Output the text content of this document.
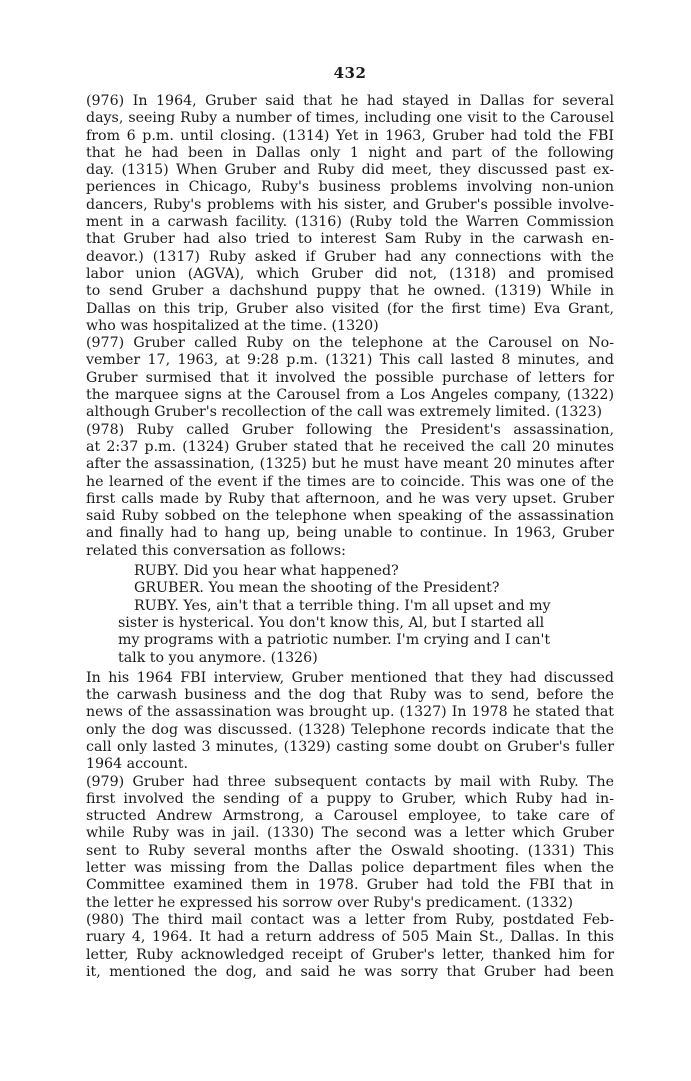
432
(976) In 1964, Gruber said that he had stayed in Dallas for several
days, seeing Ruby a number of times, including one visit to the Carousel
from 6 p.m. until closing. (1314) Yet in 1963, Gruber had told the FBI
that he had been in Dallas only 1 night and part of the following
day. (1315) When Gruber and Ruby did meet, they discussed past ex-
periences in Chicago, Ruby's business problems involving non-union
dancers, Ruby's problems with his sister, and Gruber's possible involve-
ment in a carwash facility. (1316) (Ruby told the Warren Commission
that Gruber had also tried to interest Sam Ruby in the carwash en-
deavor.) (1317) Ruby asked if Gruber had any connections with the
labor union (AGVA), which Gruber did not, (1318) and promised
to send Gruber a dachshund puppy that he owned. (1319) While in
Dallas on this trip, Gruber also visited (for the first time) Eva Grant,
who was hospitalized at the time. (1320)
(977) Gruber called Ruby on the telephone at the Carousel on No-
vember 17, 1963, at 9:28 p.m. (1321) This call lasted 8 minutes, and
Gruber surmised that it involved the possible purchase of letters for
the marquee signs at the Carousel from a Los Angeles company, (1322)
although Gruber's recollection of the call was extremely limited. (1323)
(978) Ruby called Gruber following the President's assassination,
at 2:37 p.m. (1324) Gruber stated that he received the call 20 minutes
after the assassination, (1325) but he must have meant 20 minutes after
he learned of the event if the times are to coincide. This was one of the
first calls made by Ruby that afternoon, and he was very upset. Gruber
said Ruby sobbed on the telephone when speaking of the assassination
and finally had to hang up, being unable to continue. In 1963, Gruber
related this conversation as follows:
RUBY. Did you hear what happened?
GRUBER. You mean the shooting of the President?
RUBY. Yes, ain't that a terrible thing. I'm all upset and my
sister is hysterical. You don't know this, Al, but I started all
my programs with a patriotic number. I'm crying and I can't
talk to you anymore. (1326)
In his 1964 FBI interview, Gruber mentioned that they had discussed
the carwash business and the dog that Ruby was to send, before the
news of the assassination was brought up. (1327) In 1978 he stated that
only the dog was discussed. (1328) Telephone records indicate that the
call only lasted 3 minutes, (1329) casting some doubt on Gruber's fuller
1964 account.
(979) Gruber had three subsequent contacts by mail with Ruby. The
first involved the sending of a puppy to Gruber, which Ruby had in-
structed Andrew Armstrong, a Carousel employee, to take care of
while Ruby was in jail. (1330) The second was a letter which Gruber
sent to Ruby several months after the Oswald shooting. (1331) This
letter was missing from the Dallas police department files when the
Committee examined them in 1978. Gruber had told the FBI that in
the letter he expressed his sorrow over Ruby's predicament. (1332)
(980) The third mail contact was a letter from Ruby, postdated Feb-
ruary 4, 1964. It had a return address of 505 Main St., Dallas. In this
letter, Ruby acknowledged receipt of Gruber's letter, thanked him for
it, mentioned the dog, and said he was sorry that Gruber had been
